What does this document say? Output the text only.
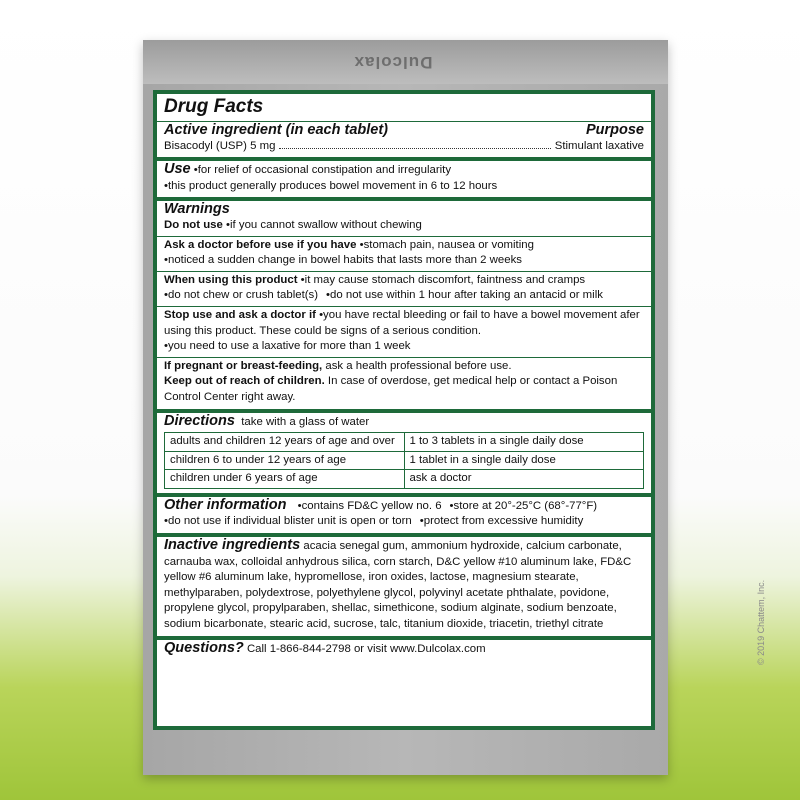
Dulcolax
Drug Facts
Active ingredient (in each tablet)	Purpose
Bisacodyl (USP) 5 mg	Stimulant laxative
Use •for relief of occasional constipation and irregularity
•this product generally produces bowel movement in 6 to 12 hours
Warnings
Do not use •if you cannot swallow without chewing
Ask a doctor before use if you have •stomach pain, nausea or vomiting
•noticed a sudden change in bowel habits that lasts more than 2 weeks
When using this product •it may cause stomach discomfort, faintness and cramps
•do not chew or crush tablet(s) •do not use within 1 hour after taking an antacid or milk
Stop use and ask a doctor if •you have rectal bleeding or fail to have a bowel movement afer using this product. These could be signs of a serious condition.
•you need to use a laxative for more than 1 week
If pregnant or breast-feeding, ask a health professional before use.
Keep out of reach of children. In case of overdose, get medical help or contact a Poison Control Center right away.
Directions take with a glass of water
adults and children 12 years of age and over	1 to 3 tablets in a single daily dose
children 6 to under 12 years of age	1 tablet in a single daily dose
children under 6 years of age	ask a doctor
Other information •contains FD&C yellow no. 6 •store at 20°-25°C (68°-77°F)
•do not use if individual blister unit is open or torn •protect from excessive humidity
Inactive ingredients acacia senegal gum, ammonium hydroxide, calcium carbonate, carnauba wax, colloidal anhydrous silica, corn starch, D&C yellow #10 aluminum lake, FD&C yellow #6 aluminum lake, hypromellose, iron oxides, lactose, magnesium stearate, methylparaben, polydextrose, polyethylene glycol, polyvinyl acetate phthalate, povidone, propylene glycol, propylparaben, shellac, simethicone, sodium alginate, sodium benzoate, sodium bicarbonate, stearic acid, sucrose, talc, titanium dioxide, triacetin, triethyl citrate
Questions? Call 1-866-844-2798 or visit www.Dulcolax.com	© 2019 Chattem, Inc.
